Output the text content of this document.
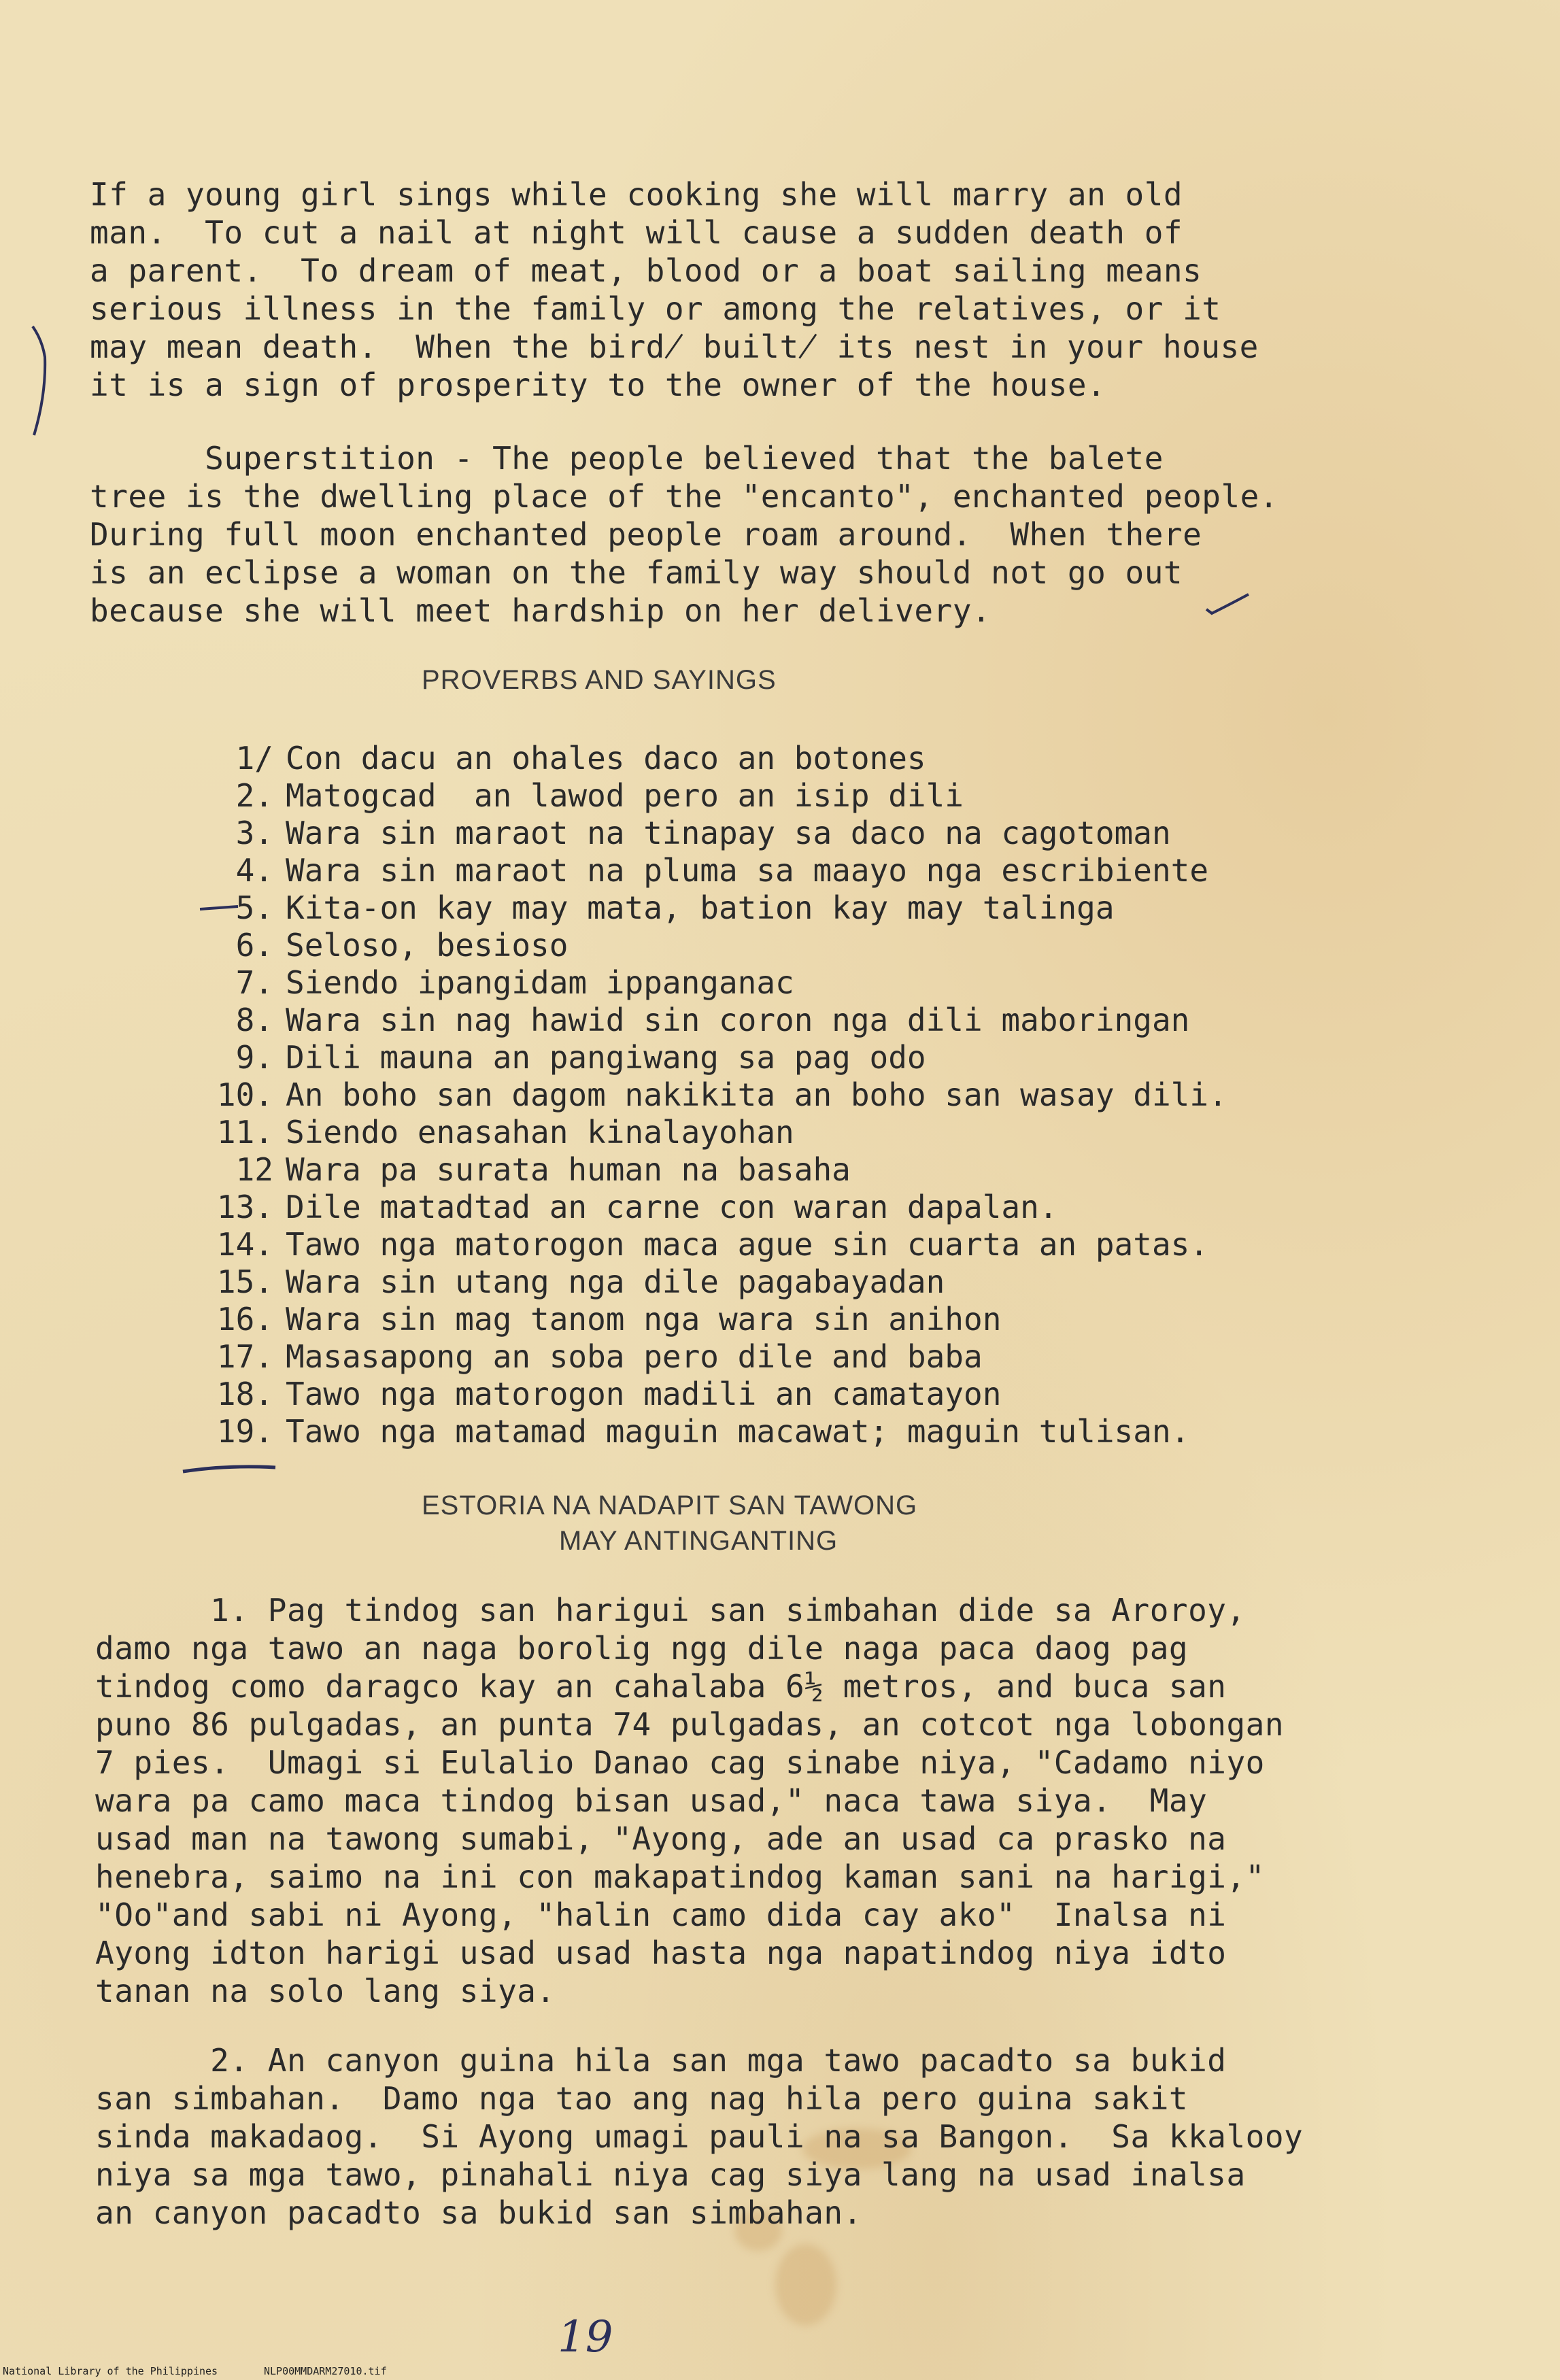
If a young girl sings while cooking she will marry an old
man.  To cut a nail at night will cause a sudden death of
a parent.  To dream of meat, blood or a boat sailing means
serious illness in the family or among the relatives, or it
may mean death.  When the bird̸ built̸ its nest in your house
it is a sign of prosperity to the owner of the house.
Superstition - The people believed that the balete
tree is the dwelling place of the "encanto", enchanted people.
During full moon enchanted people roam around.  When there
is an eclipse a woman on the family way should not go out
because she will meet hardship on her delivery.
PROVERBS AND SAYINGS
1/ Con dacu an ohales daco an botones
2. Matogcad  an lawod pero an isip dili
3. Wara sin maraot na tinapay sa daco na cagotoman
4. Wara sin maraot na pluma sa maayo nga escribiente
5. Kita-on kay may mata, bation kay may talinga
6. Seloso, besioso
7. Siendo ipangidam ippanganac
8. Wara sin nag hawid sin coron nga dili maboringan
9. Dili mauna an pangiwang sa pag odo
10. An boho san dagom nakikita an boho san wasay dili.
11. Siendo enasahan kinalayohan
12 Wara pa surata human na basaha
13. Dile matadtad an carne con waran dapalan.
14. Tawo nga matorogon maca ague sin cuarta an patas.
15. Wara sin utang nga dile pagabayadan
16. Wara sin mag tanom nga wara sin anihon
17. Masasapong an soba pero dile and baba
18. Tawo nga matorogon madili an camatayon
19. Tawo nga matamad maguin macawat; maguin tulisan.
ESTORIA NA NADAPIT SAN TAWONG
MAY ANTINGANTING
1. Pag tindog san harigui san simbahan dide sa Aroroy,
damo nga tawo an naga borolig ngg dile naga paca daog pag
tindog como daragco kay an cahalaba 6½ metros, and buca san
puno 86 pulgadas, an punta 74 pulgadas, an cotcot nga lobongan
7 pies.  Umagi si Eulalio Danao cag sinabe niya, "Cadamo niyo
wara pa camo maca tindog bisan usad," naca tawa siya.  May
usad man na tawong sumabi, "Ayong, ade an usad ca prasko na
henebra, saimo na ini con makapatindog kaman sani na harigi,"
"Oo"and sabi ni Ayong, "halin camo dida cay ako"  Inalsa ni
Ayong idton harigi usad usad hasta nga napatindog niya idto
tanan na solo lang siya.
2. An canyon guina hila san mga tawo pacadto sa bukid
san simbahan.  Damo nga tao ang nag hila pero guina sakit
sinda makadaog.  Si Ayong umagi pauli na sa Bangon.  Sa kkalooy
niya sa mga tawo, pinahali niya cag siya lang na usad inalsa
an canyon pacadto sa bukid san simbahan.
19
National Library of the Philippines	NLP00MMDARM27010.tif
